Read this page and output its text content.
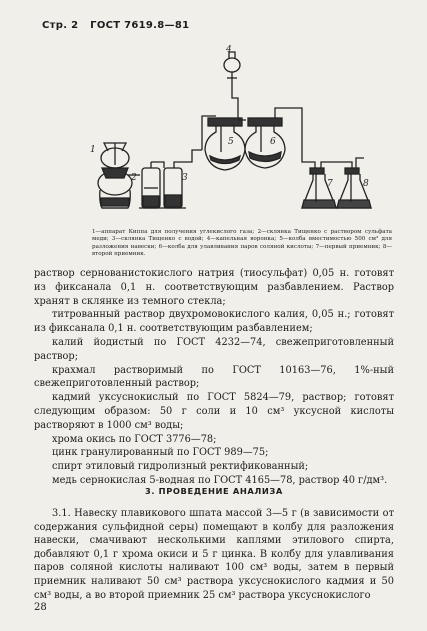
Стр. 2 ГОСТ 7619.8—81
1
2	3
4
5	6
7	8
1—аппарат Киппа для получения углекислого газа; 2—склянка Тищенко с раствором сульфата меди; 3—склянка Тищенко с водой; 4—капельная воронка; 5—колба вместимостью 500 см³ для разложения навески; 6—колба для улавливания паров соляной кислоты; 7—первый приемник; 8—второй приемник.

раствор сернованистокислого натрия (тиосульфат) 0,05 н. готовят из фиксанала 0,1 н. соответствующим разбавлением. Раствор хранят в склянке из темного стекла;

титрованный раствор двухромовокислого калия, 0,05 н.; готовят из фиксанала 0,1 н. соответствующим разбавлением;

калий йодистый по ГОСТ 4232—74, свежеприготовленный раствор;

крахмал растворимый по ГОСТ 10163—76, 1%-ный свежеприготовленный раствор;

кадмий уксуснокислый по ГОСТ 5824—79, раствор; готовят следующим образом: 50 г соли и 10 см³ уксусной кислоты растворяют в 1000 см³ воды;

хрома окись по ГОСТ 3776—78;

цинк гранулированный по ГОСТ 989—75;

спирт этиловый гидролизный ректификованный;

медь сернокислая 5-водная по ГОСТ 4165—78, раствор 40 г/дм³.

3. ПРОВЕДЕНИЕ АНАЛИЗА

3.1. Навеску плавикового шпата массой 3—5 г (в зависимости от содержания сульфидной серы) помещают в колбу для разложения навески, смачивают несколькими каплями этилового спирта, добавляют 0,1 г хрома окиси и 5 г цинка. В колбу для улавливания паров соляной кислоты наливают 100 см³ воды, затем в первый приемник наливают 50 см³ раствора уксуснокислого кадмия и 50 см³ воды, а во второй приемник 25 см³ раствора уксуснокислого

28
